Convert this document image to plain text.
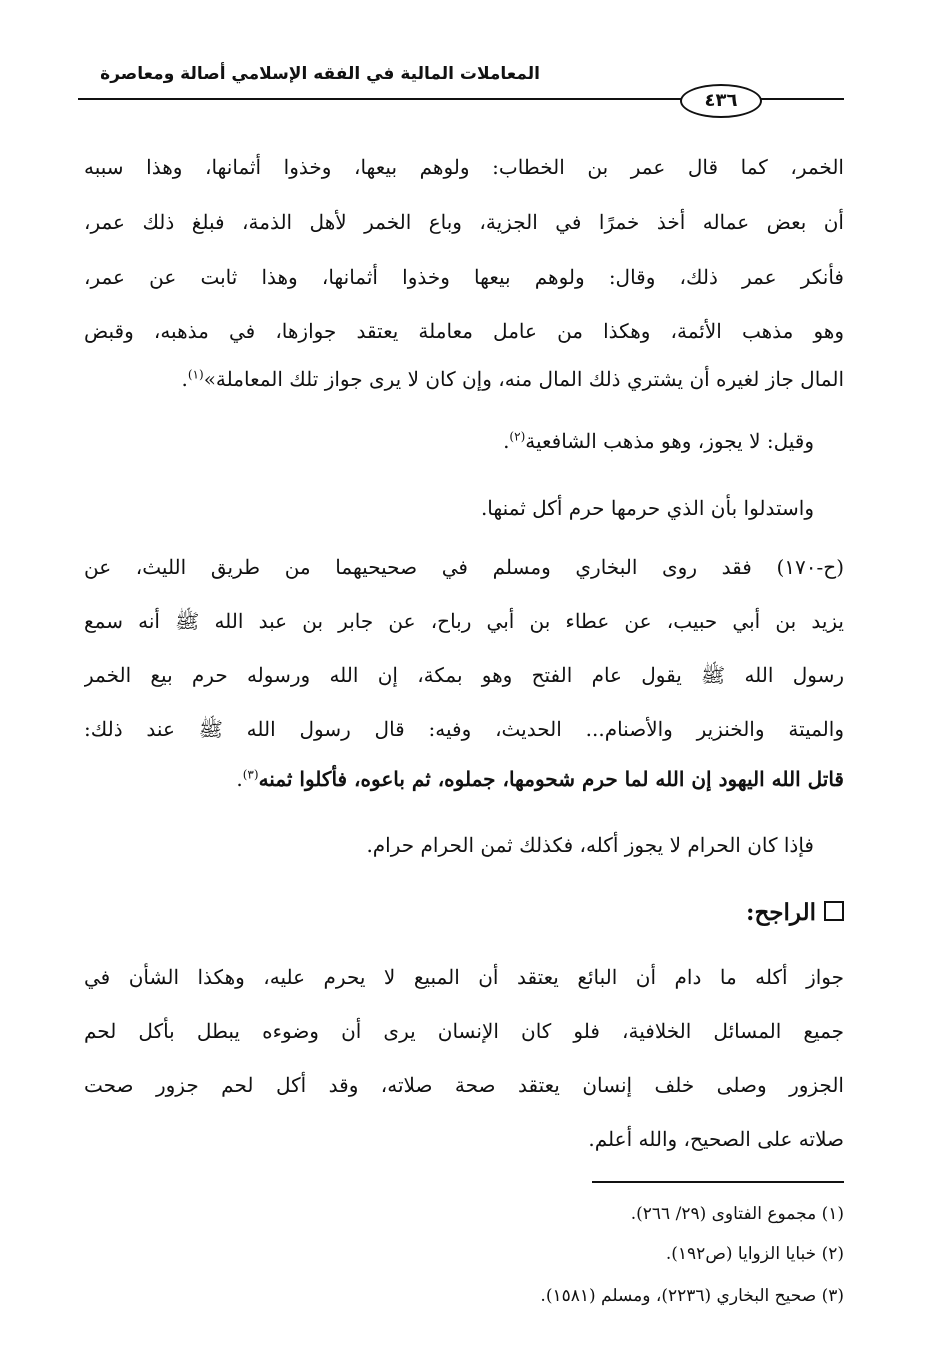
المعاملات المالية في الفقه الإسلامي أصالة ومعاصرة
٤٣٦
الخمر، كما قال عمر بن الخطاب: ولوهم بيعها، وخذوا أثمانها، وهذا سببه
أن بعض عماله أخذ خمرًا في الجزية، وباع الخمر لأهل الذمة، فبلغ ذلك عمر،
فأنكر عمر ذلك، وقال: ولوهم بيعها وخذوا أثمانها، وهذا ثابت عن عمر،
وهو مذهب الأئمة، وهكذا من عامل معاملة يعتقد جوازها، في مذهبه، وقبض
المال جاز لغيره أن يشتري ذلك المال منه، وإن كان لا يرى جواز تلك المعاملة»$^{(١)}$.
وقيل: لا يجوز، وهو مذهب الشافعية$^{(٢)}$.
واستدلوا بأن الذي حرمها حرم أكل ثمنها.
(ح-١٧٠) فقد روى البخاري ومسلم في صحيحيهما من طريق الليث، عن
يزيد بن أبي حبيب، عن عطاء بن أبي رباح، عن جابر بن عبد الله ﷺ أنه سمع
رسول الله ﷺ يقول عام الفتح وهو بمكة، إن الله ورسوله حرم بيع الخمر
والميتة والخنزير والأصنام... الحديث، وفيه: قال رسول الله ﷺ عند ذلك:
قاتل الله اليهود إن الله لما حرم شحومها، جملوه، ثم باعوه، فأكلوا ثمنه$^{(٣)}$.
فإذا كان الحرام لا يجوز أكله، فكذلك ثمن الحرام حرام.
الراجح:
جواز أكله ما دام أن البائع يعتقد أن المبيع لا يحرم عليه، وهكذا الشأن في
جميع المسائل الخلافية، فلو كان الإنسان يرى أن وضوءه يبطل بأكل لحم
الجزور وصلى خلف إنسان يعتقد صحة صلاته، وقد أكل لحم جزور صحت
صلاته على الصحيح، والله أعلم.
(١) مجموع الفتاوى (٢٩/ ٢٦٦).
(٢) خبايا الزوايا (ص١٩٢).
(٣) صحيح البخاري (٢٢٣٦)، ومسلم (١٥٨١).
